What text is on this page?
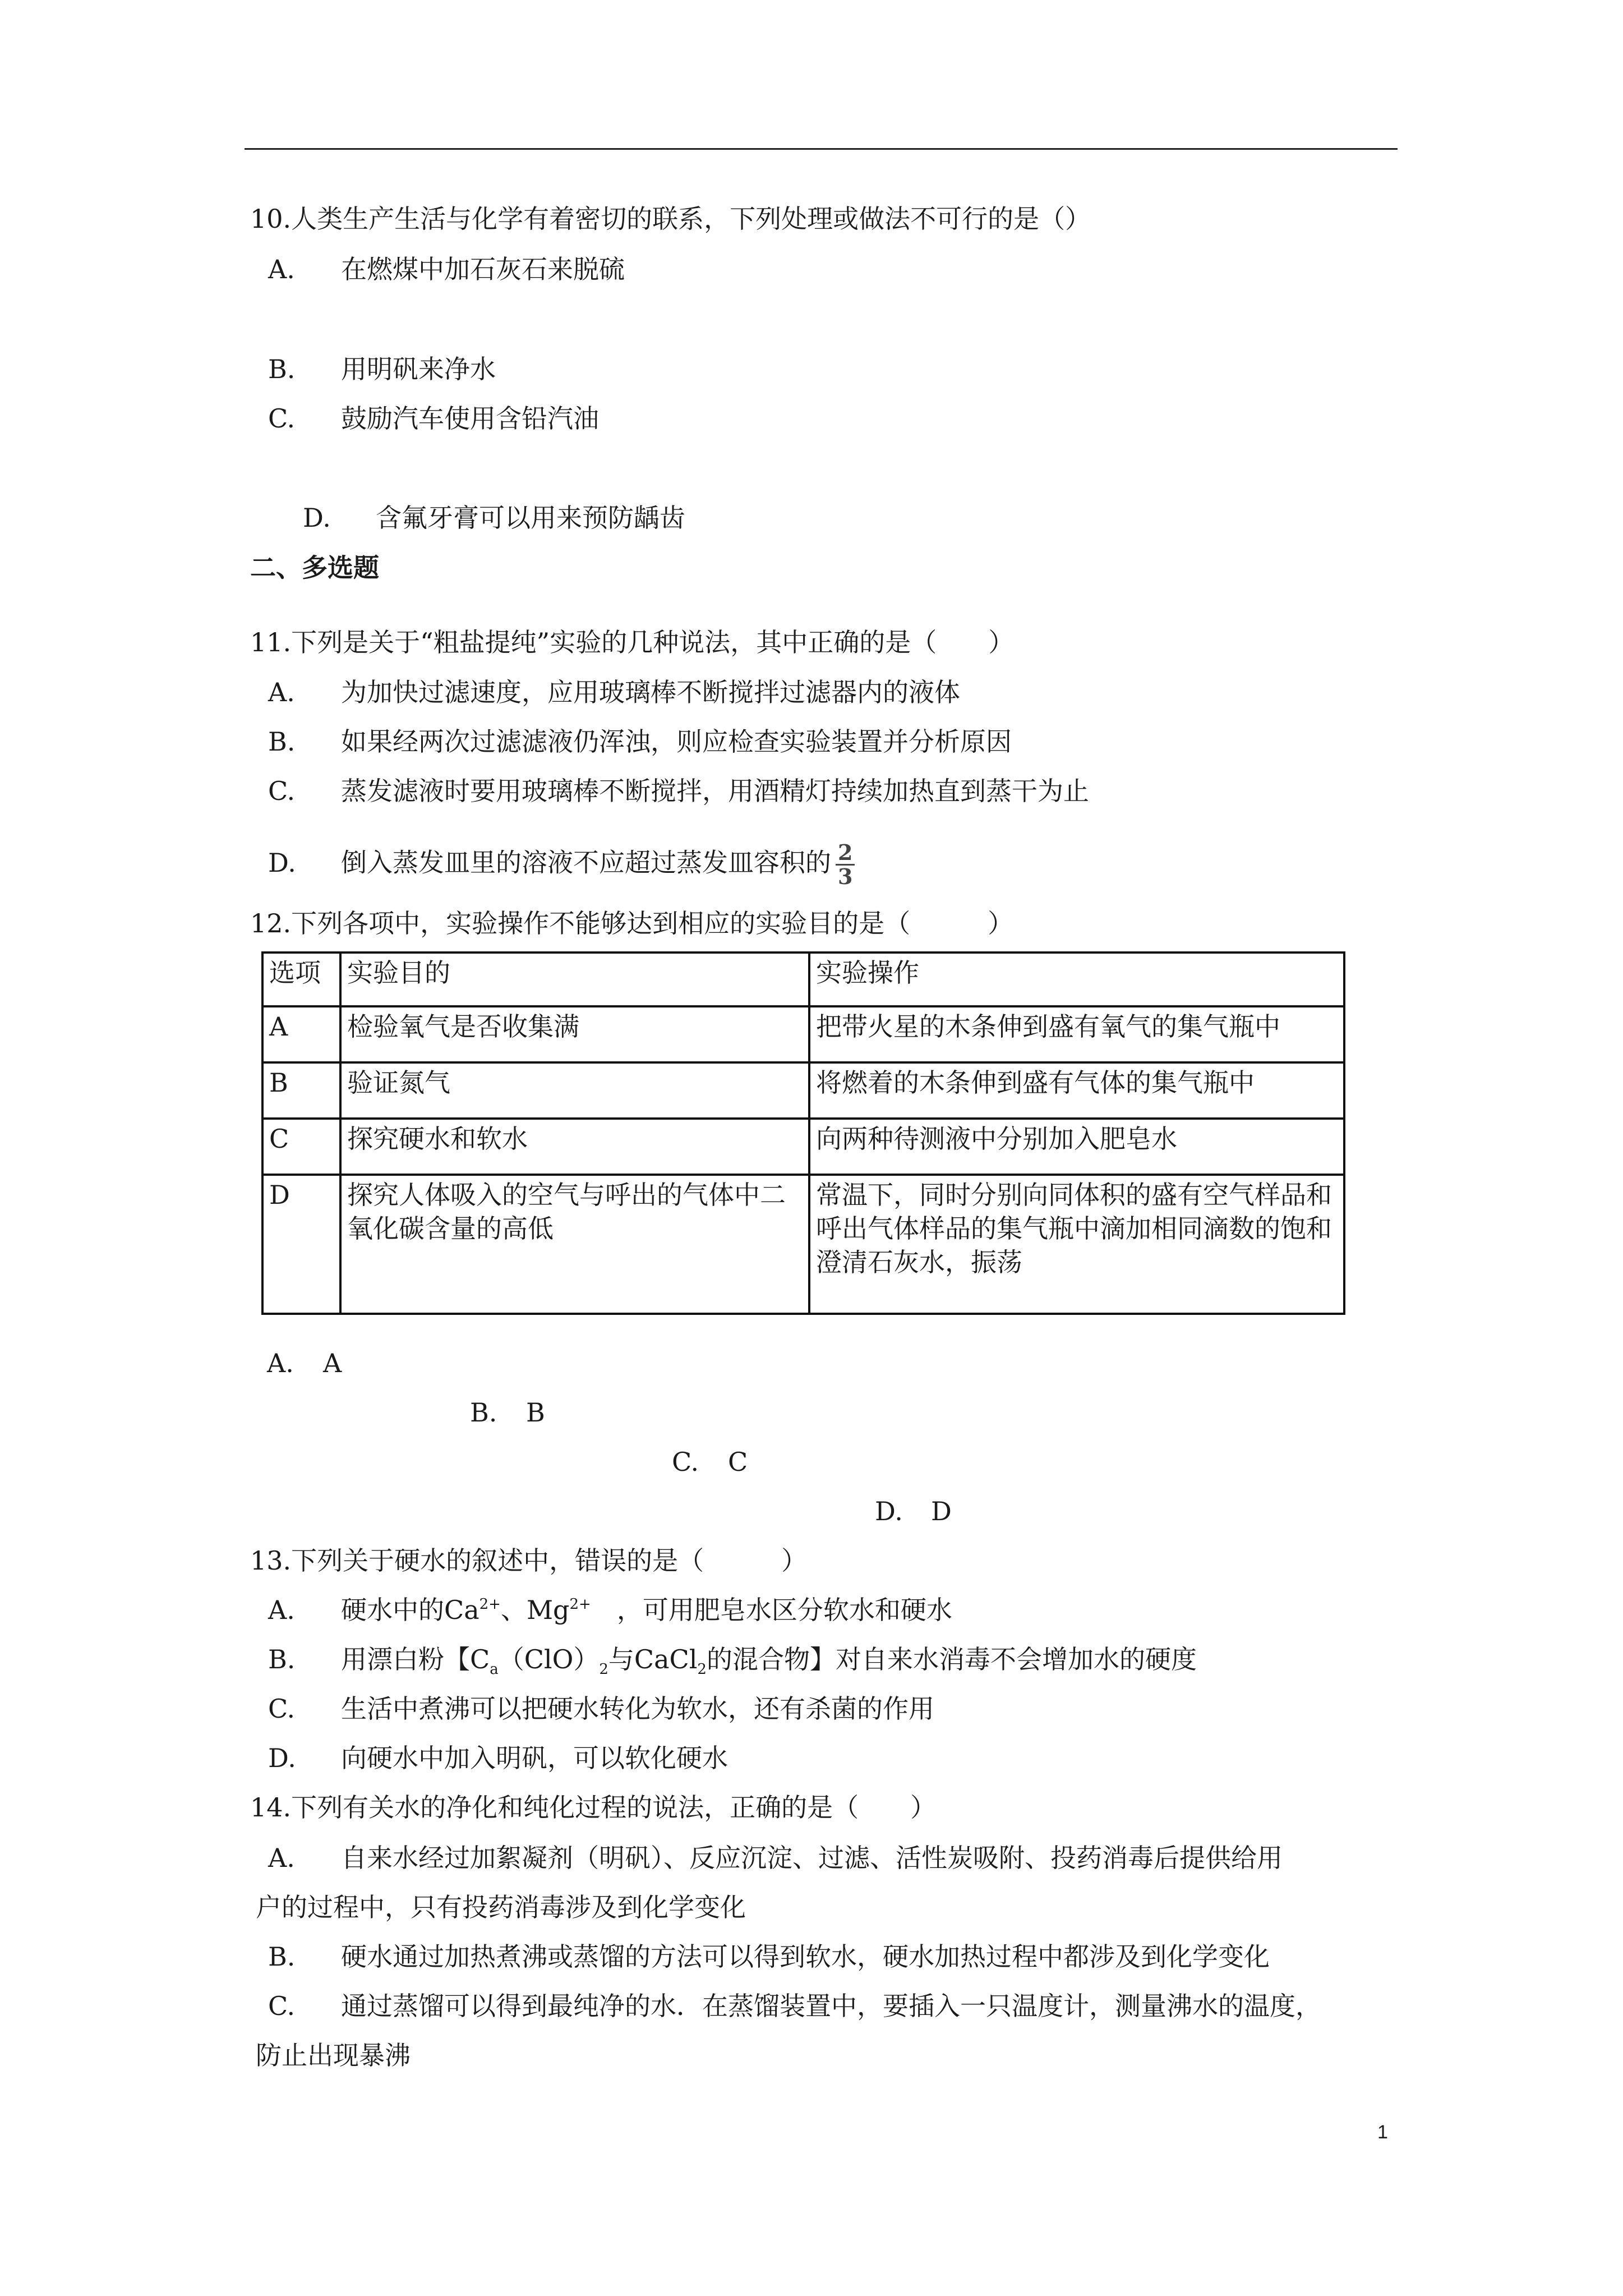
10.人类生产生活与化学有着密切的联系，下列处理或做法不可行的是（）
A. 在燃煤中加石灰石来脱硫
B. 用明矾来净水
C. 鼓励汽车使用含铅汽油
D. 含氟牙膏可以用来预防龋齿
二、多选题
11.下列是关于“粗盐提纯”实验的几种说法，其中正确的是（　　）
A. 为加快过滤速度，应用玻璃棒不断搅拌过滤器内的液体
B. 如果经两次过滤滤液仍浑浊，则应检查实验装置并分析原因
C. 蒸发滤液时要用玻璃棒不断搅拌，用酒精灯持续加热直到蒸干为止
D. 倒入蒸发皿里的溶液不应超过蒸发皿容积的 $\frac{2}{3}$
12.下列各项中，实验操作不能够达到相应的实验目的是（　　　）
选项	实验目的	实验操作
A	检验氧气是否收集满	把带火星的木条伸到盛有氧气的集气瓶中
B	验证氮气	将燃着的木条伸到盛有气体的集气瓶中
C	探究硬水和软水	向两种待测液中分别加入肥皂水
D	探究人体吸入的空气与呼出的气体中二氧化碳含量的高低	常温下，同时分别向同体积的盛有空气样品和呼出气体样品的集气瓶中滴加相同滴数的饱和澄清石灰水，振荡
A. A
B. B
C. C
D. D
13.下列关于硬水的叙述中，错误的是（　　　）
A. 硬水中的$Ca^{2+}$、$Mg^{2+}$　，可用肥皂水区分软水和硬水
B. 用漂白粉【$C_a(ClO)_2$与CaCl$_2$的混合物】对自来水消毒不会增加水的硬度
C. 生活中煮沸可以把硬水转化为软水，还有杀菌的作用
D. 向硬水中加入明矾，可以软化硬水
14.下列有关水的净化和纯化过程的说法，正确的是（　　）
A. 自来水经过加絮凝剂（明矾）、反应沉淀、过滤、活性炭吸附、投药消毒后提供给用
户的过程中，只有投药消毒涉及到化学变化
B. 硬水通过加热煮沸或蒸馏的方法可以得到软水，硬水加热过程中都涉及到化学变化
C. 通过蒸馏可以得到最纯净的水．在蒸馏装置中，要插入一只温度计，测量沸水的温度，
防止出现暴沸
1
